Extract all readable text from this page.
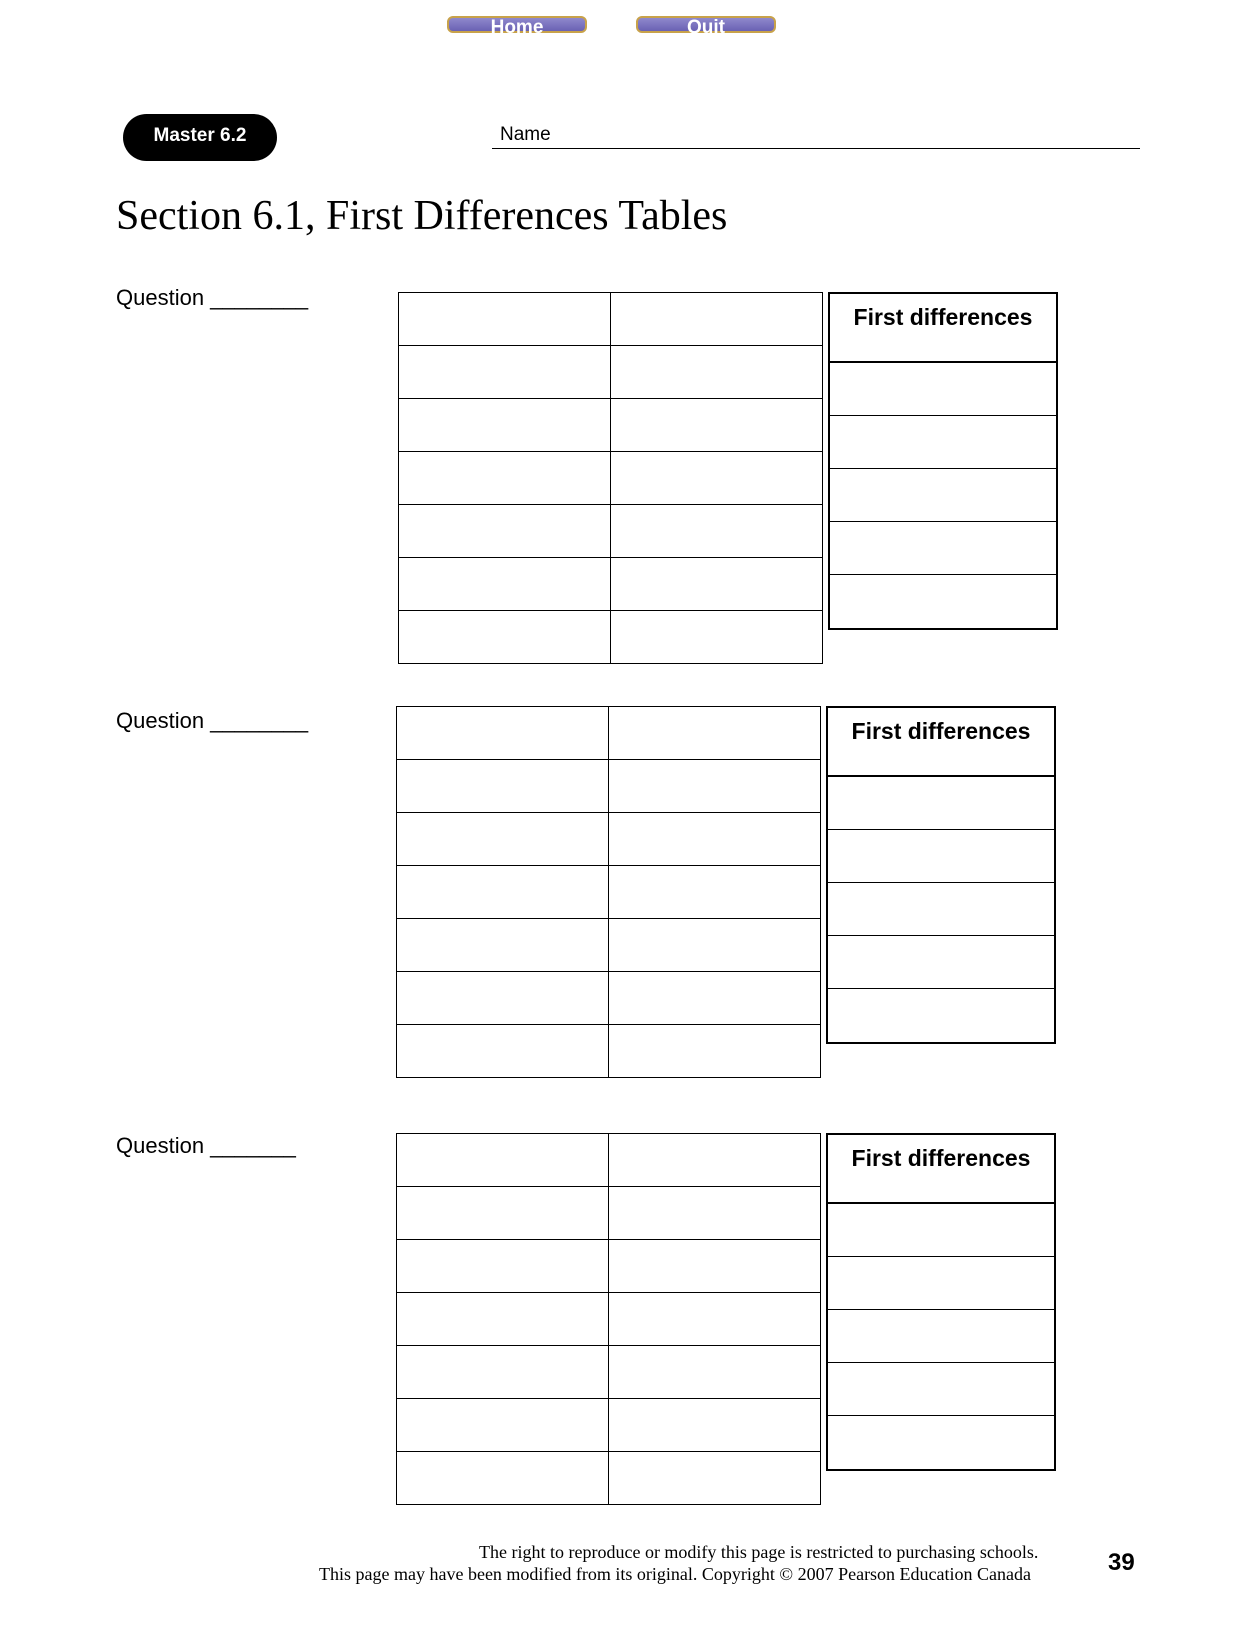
Home	Quit
Master 6.2	Name
Section 6.1, First Differences Tables
Question ________

First differences
Question ________

		First differences
Question _______

		First differences
The right to reproduce or modify this page is restricted to purchasing schools.
This page may have been modified from its original. Copyright © 2007 Pearson Education Canada	39
